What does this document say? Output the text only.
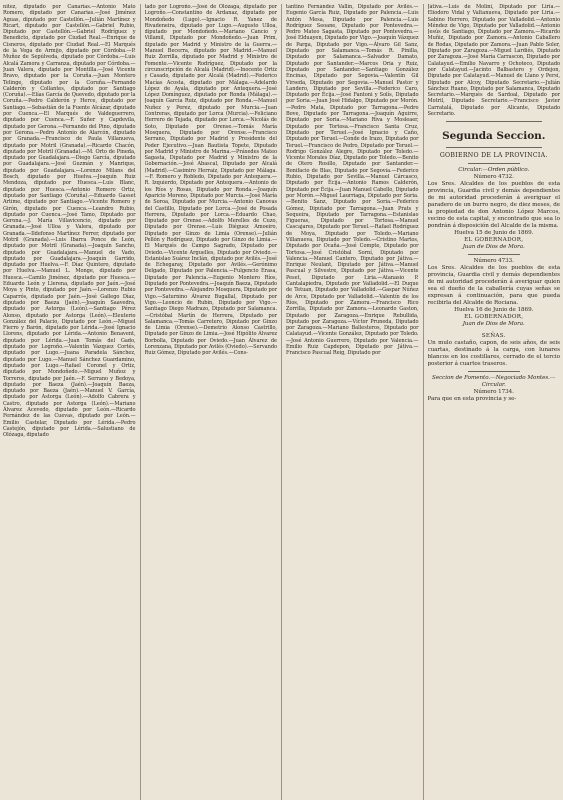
nitez, diputado por Canarias.—Antonio Mato Romero, diputado por Canarias.—José Jiménez Aguas, diputado por Castellón.—Julián Martínez y Ricart, diputado por Castellón.—Gabriel Rubio, Diputado por Castellón.—Gabriel Rodríguez y Benedicto, diputado por Ciudad Real.—Enrique de Cisneros, diputado por Ciudad Real.—El Marqués de la Vega de Armijo, diputado por Córdoba.—P. Muñoz de Sepúlveda, diputado por Córdoba.—Luis Alcalá Zamora y Carranza, diputado por Córdoba.—Juan Valera, diputado por Montilla.—José Vicente Bravo, diputado por la Coruña.—Juan Montero Telinge, diputado por la Coruña.—Fernando Calderón y Collantes, diputado por Santiago (Coruña).—Elías García de Quevedo, diputado por la Coruña.—Pedro Calderón y Herce, diputado por Santiago.—Sebastián de la Fuente Alcázar, diputado por Cuenca.—El Marqués de Valdeguerrero, diputado por Cuenca.—F. Suñer y Capdevila, diputado por Gerona.—Fernando del Pino, diputado por Gerona.—Pedro Antonio de Alarcón, diputado por Granada.—Francisco de Paula Villanueva, diputado por Motril (Granada).—Ricardo Chacón, diputado por Motril (Granada).—M. Orto de Pineda, diputado por Guadalajara.—Diego García, diputado por Guadalajara.—José Guzmán y Manrique, diputado por Guadalajara.—Lorenzo Milans del Bosch, diputado por Huelva.—Joaquín Ruiz Mendoza, diputado por Huesca.—Luis Blanc, diputado por Huesca.—Antonio Romero Ortiz, diputado por Santiago (Coruña).—Eduardo Gasset Artime, diputado por Santiago.—Vicente Romero y Girón, diputado por Cuenca.—Leandro Rubio, diputado por Cuenca.—José Tamo, Diputado por Gerona.—J. María Villavicencio, diputado por Granada.—José Ulloa y Valera, diputado por Granada.—Ildefonso Martínez Ferrer, diputado por Motril (Granada).—Luis Ibarra Ponce de León, diputado por Motril (Granada).—Joaquín Sancho, diputado por Guadalajara.—Manuel de Vado, diputado por Guadalajara.—Joaquín Garrido, diputado por Huelva.—F. Díaz Quintero, diputado por Huelva.—Manuel L. Monge, diputado por Huesca.—Camilo Jiménez, diputado por Huesca.—Eduardo León y Llerena, diputado por Jaén.—José Moya y Pinto, diputado por Jaén.—Lorenzo Rubio Caparrós, diputado por Jaén.—José Gallego Díaz, diputado por Baeza (Jaén).—Joaquín Saavedra, diputado por Astorga (León).—Santiago Pérez Alonso, diputado por Astorga (León).—Eleuterio González del Palacio, Diputado por León.—Miguel Fierro y Barón, diputado por Lérida.—José Ignacio Llorens, diputado por Lérida.—Antonio Benavent, diputado por Lérida.—Juan Tomás del Gado, diputado por Logroño.—Valentín Vázquez Cortés, diputado por Lugo.—Juana Paradela Sánchez, diputado por Lugo.—Manuel Sánchez Guardamino, diputado por Lugo.—Rafael Coronel y Ortiz, diputado por Mondoñedo.—Miguel Muñoz y Torreros, diputado por Jaén.—F. Serrano y Bedoya, diputado por Baeza (Jaén).—Joaquín Baeza, diputado por Baeza (Jaén).—Manuel V. García, diputado por Astorga (León).—Adolfo Cabrera y Castro, diputado por Astorga (León).—Mariano Álvarez Acevedo, diputado por León.—Ricardo Fernández de las Cuevas, diputado por León.—Emilio Castelar, Diputado por Lérida.—Pedro Castejón, diputado por Lérida.—Salustiano de Olózaga, diputado

tado por Logroño.—José de Olózaga, diputado por Logroño.—Constantino de Ardanaz, diputado por Mondoñedo (Lugo).—Ignacio R. Yanez de Rivadeneira, diputado por Lugo.—Augusto Ulloa, diputado por Mondoñedo.—Mariano Cancio y Villamil, Diputado por Mondoñedo.—Juan Prim, diputado por Madrid y Ministro de la Guerra.—Manuel Becerra, diputado por Madrid.—Manuel Ruiz Zorrilla, diputado por Madrid y Ministro de Fomento.—Vicente Rodríguez, Diputado por la circunscripción de Alcalá (Madrid).—Inocente Ortiz y Casado, diputado por Alcalá (Madrid).—Federico Macías Acosta, diputado por Málaga.—Adelardo López de Ayala, diputado por Antequera.—José López Domínguez, diputado por Ronda (Málaga).—Joaquín García Ruiz, diputado por Ronda.—Manuel Nuñez y Perez, diputado por Murcia.—Juan Contreras, diputado por Lorca (Murcia).—Feliciano Herrero de Tejada, diputado por Lorca.—Nicolás de Soto, Diputado por Orense.—Tomás María Mosquera, Diputado por Orense.—Francisco Serrano, Diputado por Madrid y Presidente del Poder Ejecutivo.—Juan Bautista Topete, Diputado por Madrid y Ministro de Marina.—Práxedes Mateo Sagasta, Diputado por Madrid y Ministro de la Gobernación.—José Abascal, Diputado por Alcalá (Madrid).—Casimiro Herraiz, Diputado por Málaga.—F. Romero y Robledo, Diputado por Antequera.—R. Izquierdo, Diputado por Antequera.—Antonio de los Ríos y Rosas, Diputado por Ronda.—Joaquín Aparicio Moreno, Diputado por Murcia.—José María de Soroa, Diputado por Murcia.—Antonio Canovas del Castillo, Diputado por Lorca.—José de Posada Herrera, Diputado por Lorca.—Eduardo Chao, Diputado por Orense.—Adolfo Merelles de Cuzo, Diputado por Orense.—Luis Diéguez Amoeiro, Diputado por Ginzo de Limia (Orense).—Julián Pellón y Rodríguez, Diputado por Ginzo de Limia.—El Marqués de Campo Sagrado, Diputado por Oviedo.—Vicente Arguelles, Diputado por Oviedo.—Estanislao Suárez Inclán, diputado por Avilés.—José de Echegaray, Diputado por Avilés.—Gerónimo Delgado, Diputado por Palencia.—Fulgencio Erasa, Diputado por Palencia.—Eugenio Montero Ríos, Diputado por Pontevedra.—Joaquín Baeza, Diputado por Pontevedra.—Alejandro Mosquera, Diputado por Vigo.—Saturnino Álvarez Bugallal, Diputado por Vigo.—Leoncio de Rubin, Diputado por Vigo.—Santiago Diego Madrazo, Diputado por Salamanca.—Cristóbal Martín de Herrera, Diputado por Salamanca.—Tomás Carretero, Diputado por Ginzo de Limia (Orense).—Demetrio Alonso Castrillo, Diputado por Ginzo de Limia.—José Hipólito Álvarez Borbolla, Diputado por Oviedo.—Juan Álvarez de Lorenzana, Diputado por Avilés (Oviedo).—Servando Ruiz Gómez, Diputado por Avilés.—Cons-

tantino Fernández Vallín, Diputado por Avilés.—Eugenio García Ruiz, Diputado por Palencia.—Luis Antón Mesa, Diputado por Palencia.—Luis Rodríguez Seoane, Diputado por Pontevedra.—Pedro Mateo Sagasta, Diputado por Pontevedra.—José Elduayen, Diputado por Vigo.—Joaquín Vázquez de Parga, Diputado por Vigo.—Álvaro Gil Sanz, Diputado por Salamanca.—Tomás R. Pinilla, Diputado por Salamanca.—Salvador Damato, Diputado por Santander.—Marcos Oria y Ruiz, Diputado por Santander.—Santiago González Encinas, Diputado por Segovia.—Valentín Gil Virseda, Diputado por Segovia.—Manuel Pastor y Landero, Diputado por Sevilla.—Federico Caro, Diputado por Écija.—José Fantoni y Solís, Diputado por Soria.—Juan José Hidalgo, Diputado por Morón.—Pedro Mata, Diputado por Tarragona.—Pedro Bove, Diputado por Tarragona.—Joaquín Aguirre, Diputado por Soria.—Mariano Riva y Mosleaer, Diputado por Tortosa.—Francisco Santa Cruz, Diputado por Teruel.—José Ignacio y Caño, Diputado por Teruel.—Conde de Irazo, Diputado por Teruel.—Francisco de Pedro, Diputado por Teruel.—Rodrigo González Alegre, Diputado por Toledo.—Vicente Morales Díaz, Diputado por Toledo.—Benito de Otero Rosillo, Diputado por Santander.—Bonifacio de Blas, Diputado por Segovia.—Federico Rubio, Diputado por Sevilla.—Manuel Cárcasco, Diputado por Écija.—Antonio Ramos Calderón, Diputado por Écija.—Juan Manuel Cabello, Diputado por Morón.—Miguel Laurriaga, Diputado por Soria.—Benito Sanz, Diputado por Soria.—Federico Gómez, Diputado por Tarragona.—Juan Prats y Sequeira, Diputado por Tarragona.—Estanislao Figueras, Diputado por Tortosa.—Manuel Cascajares, Diputado por Teruel.—Rafael Rodríguez de Moya, Diputado por Toledo.—Mariano Villanueva, Diputado por Toledo.—Cristino Martos, Diputado por Ocaña.—José Compte, Diputado por Tortosa.—José Cristóbal Sorní, Diputado por Valencia.—Manuel Cantero, Diputado por Játiva.—Enrique Neulant, Diputado por Játiva.—Manuel Pascual y Silvestre, Diputado por Játiva.—Vicente Peset, Diputado por Liria.—Atanasio P. Cantalapiedra, Diputado por Valladolid.—El Duque de Tetuan, Diputado por Valladolid.—Gaspar Núñez de Arce, Diputado por Valladolid.—Valentín de los Ríos, Diputado por Zamora.—Francisco Rico Zorrilla, Diputado por Zamora.—Leonardo Gaston, Diputado por Zaragoza.—Enrique Rebullida, Diputado por Zaragoza.—Víctor Pruneda, Diputado por Zaragoza.—Mariano Ballesteros, Diputado por Calatayud.—Vicente González, Diputado por Toledo.—José Antonio Guerrero, Diputado por Valencia.—Emilio Ruiz Capdepon, Diputado por Játiva.—Francisco Pascual Reig, Diputado por

Játiva.—Luis de Molini, Diputado por Liria.—Eliodoro Vidal y Valtanueva, Diputado por Liria.—Sabino Herrero, Diputado por Valladolid.—Antonio Méndez de Vigo, Diputado por Valladolid.—Antonio Jesús de Santiago, Diputado por Zamora.—Ricardo Muñiz, Diputado por Zamora.—Antonio Caballero de Rodas, Diputado por Zamora.—Juan Pablo Soler, Diputado por Zaragoza.—Miguel Lardiés, Diputado por Zaragoza.—José María Carrascon, Diputado por Calatayud.—Emilio Navarro y Ochoteco, Diputado por Calatayud.—Jacinto Balbastero y Ordejon, Diputado por Calatayud.—Manuel de Llano y Persi, Diputado por Alcoy, Diputado Secretario.—Julián Sánchez Ruano, Diputado por Salamanca, Diputado Secretario.—Marqués de Sardoal, Diputado por Motril, Diputado Secretario.—Francisco Javier Carratalá, Diputado por Alicante, Diputado Secretario.

Segunda Seccion.
GOBIERNO DE LA PROVINCIA.
Circular.—Orden público.
Número 4732.

Los Sres. Alcaldes de los pueblos de esta provincia, Guardia civil y demás dependientes de mi autoridad procederán á averiguar el paradero de un burro negro, de diez meses, de la propiedad de don Antonio López Marcos, vecino de esta capital, y encontrado que sea lo pondrán á disposición del Alcalde de la misma.

Huelva 15 de Junio de 1869.

EL GOBERNADOR,
Juan de Dios de Mora.
Número 4733.

Los Sres. Alcaldes de los pueblos de esta provincia, Guardia civil y demás dependientes de mi autoridad procederán á averiguar quien sea el dueño de la caballería cuyas señas se expresan á continuación, para que pueda recibirla del Alcalde de Rociana.

Huelva 16 de Junio de 1869.

EL GOBERNADOR,
Juan de Dios de Mora.
SEÑAS.

Un mulo castaño, capon, de seis años, de seis cuartas, destinado á la carga, con lunares blancos en los costillares, cerrado de el tercio posterior á cuartos traseros.

Seccion de Fomento.—Negociado Montes.—Circular.
Número 1734.

Para que en esta provincia y se-
